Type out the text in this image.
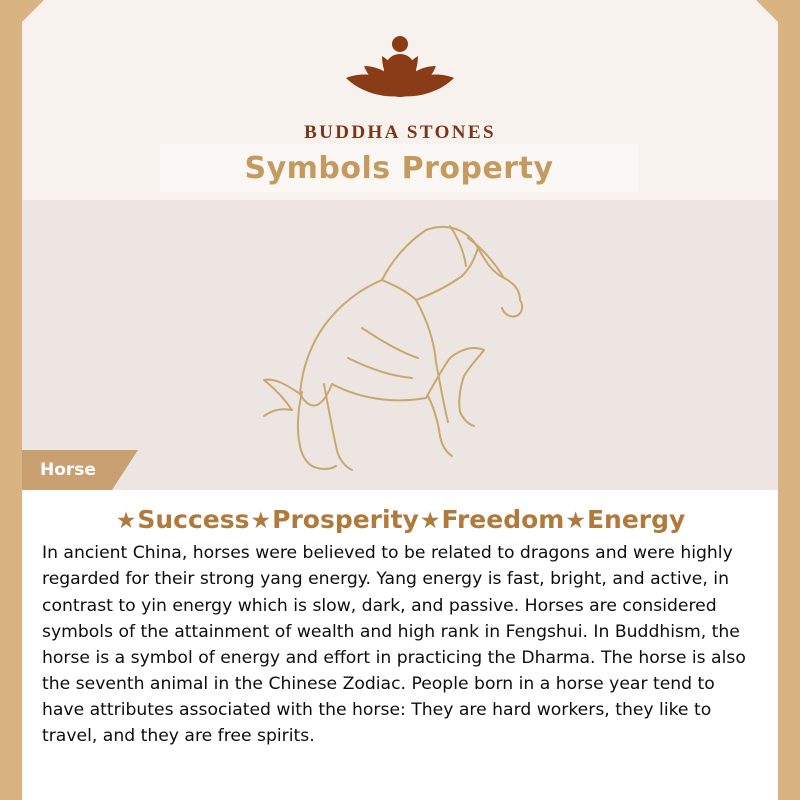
BUDDHA STONES
Symbols Property
Horse
★Success★Prosperity★Freedom★Energy

In ancient China, horses were believed to be related to dragons and were highly regarded for their strong yang energy. Yang energy is fast, bright, and active, in contrast to yin energy which is slow, dark, and passive. Horses are considered symbols of the attainment of wealth and high rank in Fengshui. In Buddhism, the horse is a symbol of energy and effort in practicing the Dharma. The horse is also the seventh animal in the Chinese Zodiac. People born in a horse year tend to have attributes associated with the horse: They are hard workers, they like to travel, and they are free spirits.
